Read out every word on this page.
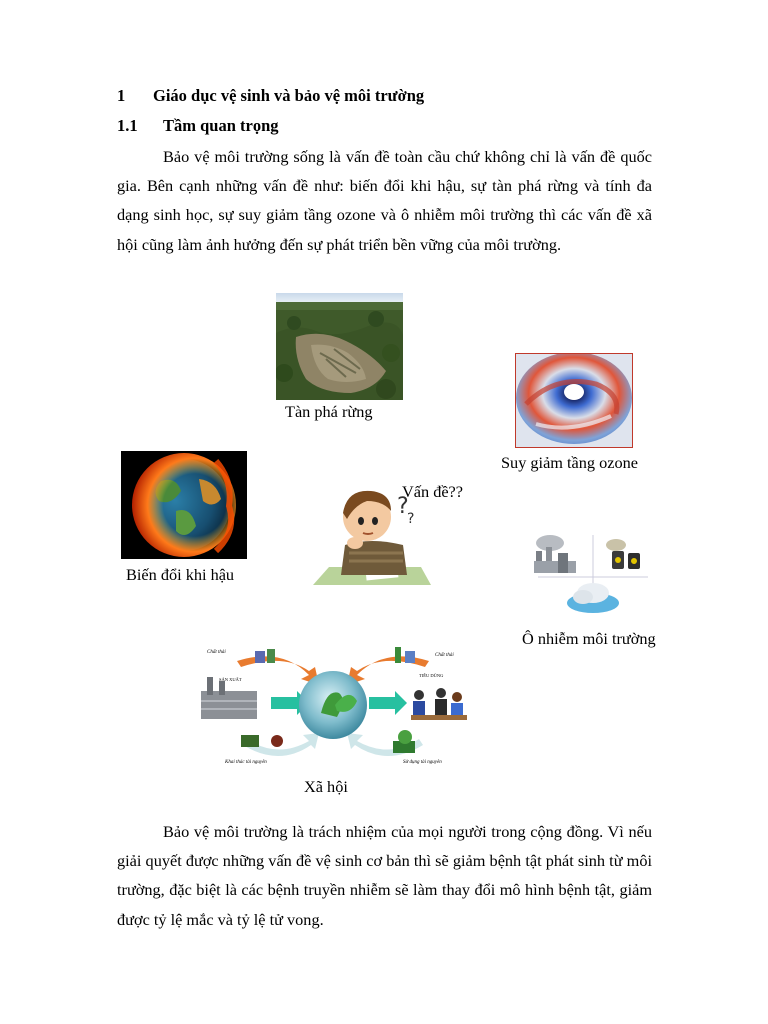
1 Giáo dục vệ sinh và bảo vệ môi trường
1.1 Tầm quan trọng

Bảo vệ môi trường sống là vấn đề toàn cầu chứ không chỉ là vấn đề quốc gia. Bên cạnh những vấn đề như: biến đổi khi hậu, sự tàn phá rừng và tính đa dạng sinh học, sự suy giảm tầng ozone và ô nhiễm môi trường thì các vấn đề xã hội cũng làm ảnh hưởng đến sự phát triển bền vững của môi trường.

Tàn phá rừng
Suy giảm tầng ozone
Biến đổi khi hậu
?
?
Vấn đề??
Ô nhiễm môi trường
Chất thải
SẢN XUẤT
Chất thải
TIÊU DÙNG
Khai thác tài nguyên	Sử dụng tài nguyên
Xã hội

Bảo vệ môi trường là trách nhiệm của mọi người trong cộng đồng. Vì nếu giải quyết được những vấn đề vệ sinh cơ bản thì sẽ giảm bệnh tật phát sinh từ môi trường, đặc biệt là các bệnh truyền nhiễm sẽ làm thay đổi mô hình bệnh tật, giảm được tỷ lệ mắc và tỷ lệ tử vong.
